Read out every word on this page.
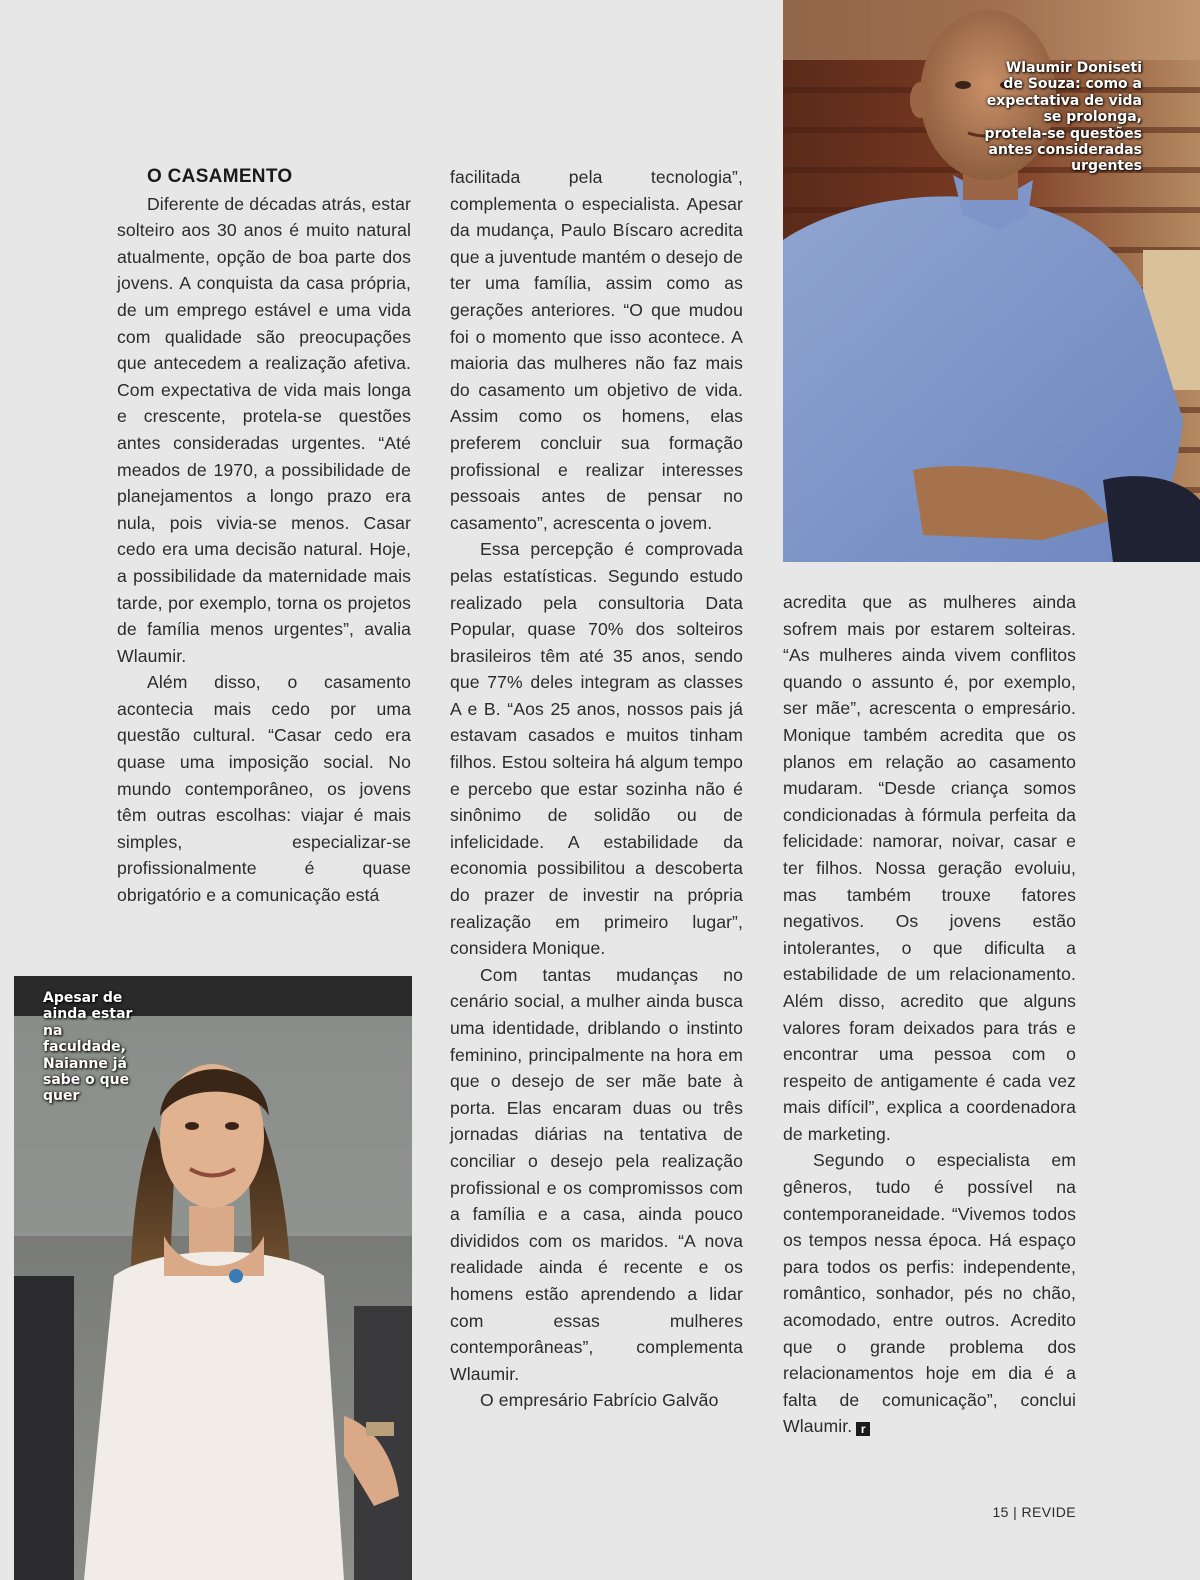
Wlaumir Doniseti de Souza: como a expectativa de vida se prolonga, protela-se questões antes consideradas urgentes
Apesar de ainda estar na faculdade, Naianne já sabe o que quer

O CASAMENTO

Diferente de décadas atrás, estar solteiro aos 30 anos é muito natural atualmente, opção de boa parte dos jovens. A conquista da casa própria, de um emprego estável e uma vida com qualidade são preocupações que antecedem a realização afetiva. Com expectativa de vida mais longa e crescente, protela-se questões antes consideradas urgentes. “Até meados de 1970, a possibilidade de planejamentos a longo prazo era nula, pois vivia-se menos. Casar cedo era uma decisão natural. Hoje, a possibilidade da maternidade mais tarde, por exemplo, torna os projetos de família menos urgentes”, avalia Wlaumir.

Além disso, o casamento acontecia mais cedo por uma questão cultural. “Casar cedo era quase uma imposição social. No mundo contemporâneo, os jovens têm outras escolhas: viajar é mais simples, especializar-se profissionalmente é quase obrigatório e a comunicação está

facilitada pela tecnologia”, complementa o especialista. Apesar da mudança, Paulo Bíscaro acredita que a juventude mantém o desejo de ter uma família, assim como as gerações anteriores. “O que mudou foi o momento que isso acontece. A maioria das mulheres não faz mais do casamento um objetivo de vida. Assim como os homens, elas preferem concluir sua formação profissional e realizar interesses pessoais antes de pensar no casamento”, acrescenta o jovem.

Essa percepção é comprovada pelas estatísticas. Segundo estudo realizado pela consultoria Data Popular, quase 70% dos solteiros brasileiros têm até 35 anos, sendo que 77% deles integram as classes A e B. “Aos 25 anos, nossos pais já estavam casados e muitos tinham filhos. Estou solteira há algum tempo e percebo que estar sozinha não é sinônimo de solidão ou de infelicidade. A estabilidade da economia possibilitou a descoberta do prazer de investir na própria realização em primeiro lugar”, considera Monique.

Com tantas mudanças no cenário social, a mulher ainda busca uma identidade, driblando o instinto feminino, principalmente na hora em que o desejo de ser mãe bate à porta. Elas encaram duas ou três jornadas diárias na tentativa de conciliar o desejo pela realização profissional e os compromissos com a família e a casa, ainda pouco divididos com os maridos. “A nova realidade ainda é recente e os homens estão aprendendo a lidar com essas mulheres contemporâneas”, complementa Wlaumir.

O empresário Fabrício Galvão

acredita que as mulheres ainda sofrem mais por estarem solteiras. “As mulheres ainda vivem conflitos quando o assunto é, por exemplo, ser mãe”, acrescenta o empresário. Monique também acredita que os planos em relação ao casamento mudaram. “Desde criança somos condicionadas à fórmula perfeita da felicidade: namorar, noivar, casar e ter filhos. Nossa geração evoluiu, mas também trouxe fatores negativos. Os jovens estão intolerantes, o que dificulta a estabilidade de um relacionamento. Além disso, acredito que alguns valores foram deixados para trás e encontrar uma pessoa com o respeito de antigamente é cada vez mais difícil”, explica a coordenadora de marketing.

Segundo o especialista em gêneros, tudo é possível na contemporaneidade. “Vivemos todos os tempos nessa época. Há espaço para todos os perfis: independente, romântico, sonhador, pés no chão, acomodado, entre outros. Acredito que o grande problema dos relacionamentos hoje em dia é a falta de comunicação”, conclui Wlaumir. r

15 | REVIDE
